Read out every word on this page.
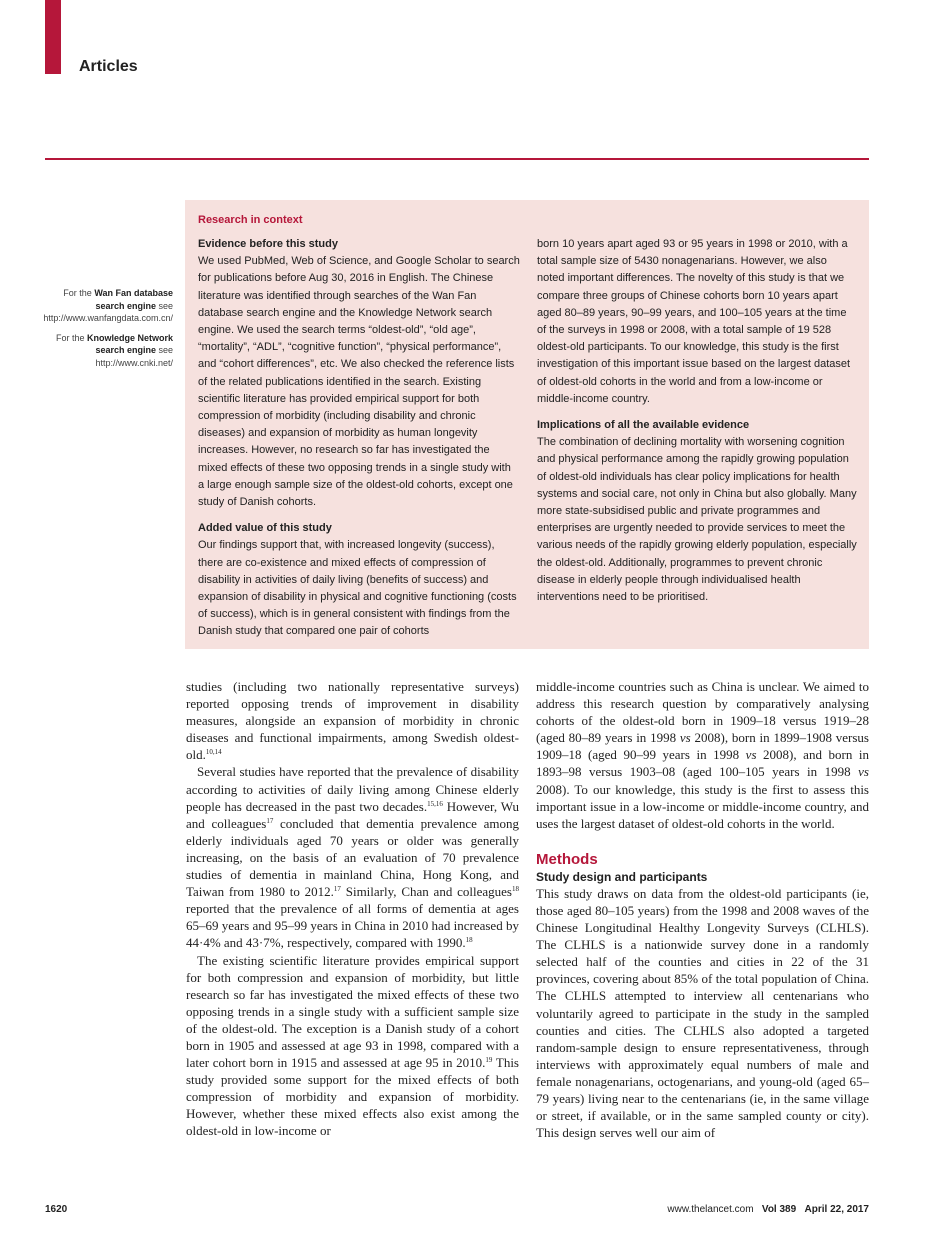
Articles
For the Wan Fan database search engine see http://www.wanfangdata.com.cn/
For the Knowledge Network search engine see http://www.cnki.net/
Research in context

Evidence before this study

We used PubMed, Web of Science, and Google Scholar to search for publications before Aug 30, 2016 in English. The Chinese literature was identified through searches of the Wan Fan database search engine and the Knowledge Network search engine. We used the search terms “oldest-old”, “old age”, “mortality”, “ADL”, “cognitive function”, “physical performance”, and “cohort differences”, etc. We also checked the reference lists of the related publications identified in the search. Existing scientific literature has provided empirical support for both compression of morbidity (including disability and chronic diseases) and expansion of morbidity as human longevity increases. However, no research so far has investigated the mixed effects of these two opposing trends in a single study with a large enough sample size of the oldest-old cohorts, except one study of Danish cohorts.

Added value of this study

Our findings support that, with increased longevity (success), there are co-existence and mixed effects of compression of disability in activities of daily living (benefits of success) and expansion of disability in physical and cognitive functioning (costs of success), which is in general consistent with findings from the Danish study that compared one pair of cohorts

born 10 years apart aged 93 or 95 years in 1998 or 2010, with a total sample size of 5430 nonagenarians. However, we also noted important differences. The novelty of this study is that we compare three groups of Chinese cohorts born 10 years apart aged 80–89 years, 90–99 years, and 100–105 years at the time of the surveys in 1998 or 2008, with a total sample of 19 528 oldest-old participants. To our knowledge, this study is the first investigation of this important issue based on the largest dataset of oldest-old cohorts in the world and from a low-income or middle-income country.

Implications of all the available evidence

The combination of declining mortality with worsening cognition and physical performance among the rapidly growing population of oldest-old individuals has clear policy implications for health systems and social care, not only in China but also globally. Many more state-subsidised public and private programmes and enterprises are urgently needed to provide services to meet the various needs of the rapidly growing elderly population, especially the oldest-old. Additionally, programmes to prevent chronic disease in elderly people through individualised health interventions need to be prioritised.

studies (including two nationally representative surveys) reported opposing trends of improvement in disability measures, alongside an expansion of morbidity in chronic diseases and functional impairments, among Swedish oldest-old.$^{10,14}$

Several studies have reported that the prevalence of disability according to activities of daily living among Chinese elderly people has decreased in the past two decades.$^{15,16}$ However, Wu and colleagues$^{17}$ concluded that dementia prevalence among elderly individuals aged 70 years or older was generally increasing, on the basis of an evaluation of 70 prevalence studies of dementia in mainland China, Hong Kong, and Taiwan from 1980 to 2012.17 Similarly, Chan and colleagues$^{18}$ reported that the prevalence of all forms of dementia at ages 65–69 years and 95–99 years in China in 2010 had increased by 44·4% and 43·7%, respectively, compared with 1990.18

The existing scientific literature provides empirical support for both compression and expansion of morbidity, but little research so far has investigated the mixed effects of these two opposing trends in a single study with a sufficient sample size of the oldest-old. The exception is a Danish study of a cohort born in 1905 and assessed at age 93 in 1998, compared with a later cohort born in 1915 and assessed at age 95 in 2010.19 This study provided some support for the mixed effects of both compression of morbidity and expansion of morbidity. However, whether these mixed effects also exist among the oldest-old in low-income or

middle-income countries such as China is unclear. We aimed to address this research question by comparatively analysing cohorts of the oldest-old born in 1909–18 versus 1919–28 (aged 80–89 years in 1998 vs 2008), born in 1899–1908 versus 1909–18 (aged 90–99 years in 1998 vs 2008), and born in 1893–98 versus 1903–08 (aged 100–105 years in 1998 vs 2008). To our knowledge, this study is the first to assess this important issue in a low-income or middle-income country, and uses the largest dataset of oldest-old cohorts in the world.

Methods
Study design and participants

This study draws on data from the oldest-old participants (ie, those aged 80–105 years) from the 1998 and 2008 waves of the Chinese Longitudinal Healthy Longevity Surveys (CLHLS). The CLHLS is a nationwide survey done in a randomly selected half of the counties and cities in 22 of the 31 provinces, covering about 85% of the total population of China. The CLHLS attempted to interview all centenarians who voluntarily agreed to participate in the study in the sampled counties and cities. The CLHLS also adopted a targeted random-sample design to ensure representativeness, through interviews with approximately equal numbers of male and female nonagenarians, octogenarians, and young-old (aged 65–79 years) living near to the centenarians (ie, in the same village or street, if available, or in the same sampled county or city). This design serves well our aim of

1620	www.thelancet.com Vol 389 April 22, 2017
